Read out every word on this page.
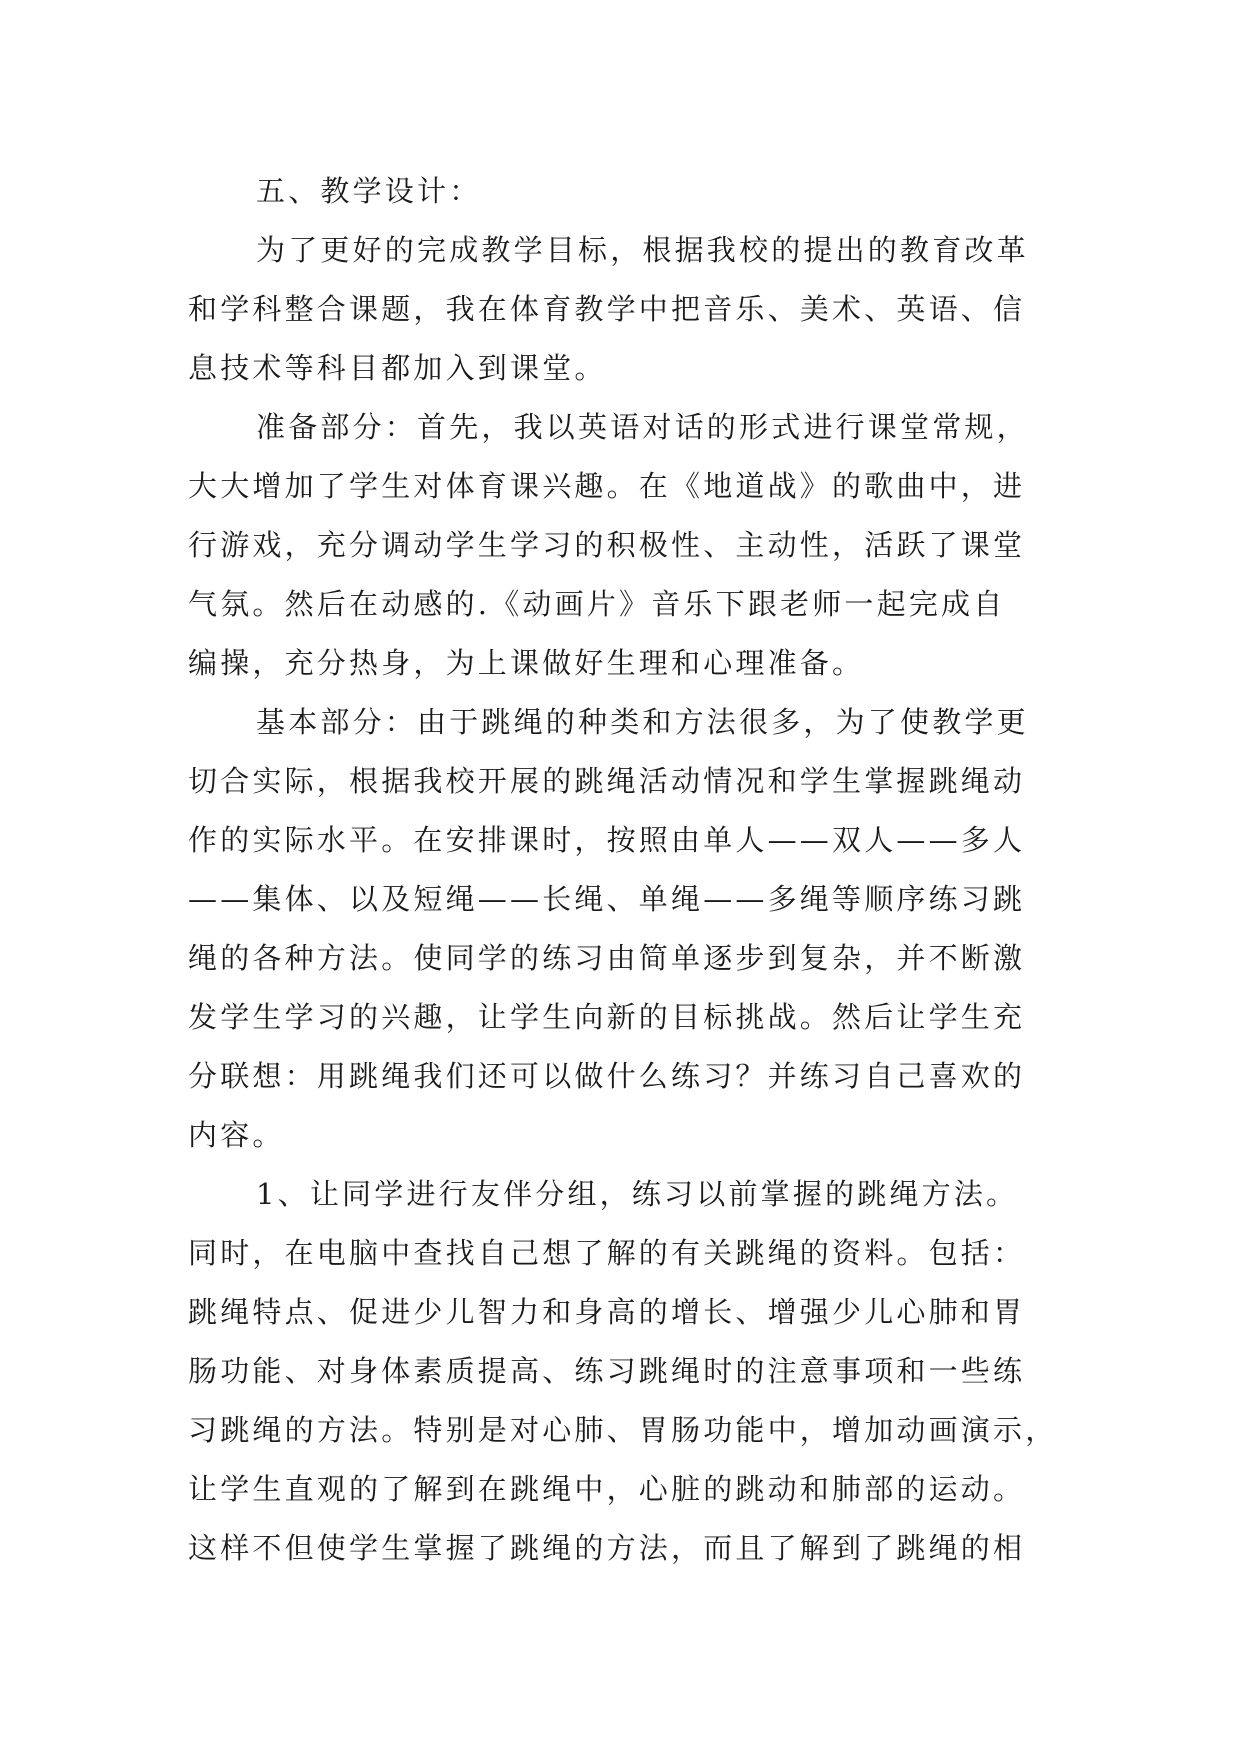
五、教学设计：
为了更好的完成教学目标，根据我校的提出的教育改革
和学科整合课题，我在体育教学中把音乐、美术、英语、信
息技术等科目都加入到课堂。
准备部分：首先，我以英语对话的形式进行课堂常规，
大大增加了学生对体育课兴趣。在《地道战》的歌曲中，进
行游戏，充分调动学生学习的积极性、主动性，活跃了课堂
气氛。然后在动感的.《动画片》音乐下跟老师一起完成自
编操，充分热身，为上课做好生理和心理准备。
基本部分：由于跳绳的种类和方法很多，为了使教学更
切合实际，根据我校开展的跳绳活动情况和学生掌握跳绳动
作的实际水平。在安排课时，按照由单人——双人——多人
——集体、以及短绳——长绳、单绳——多绳等顺序练习跳
绳的各种方法。使同学的练习由简单逐步到复杂，并不断激
发学生学习的兴趣，让学生向新的目标挑战。然后让学生充
分联想：用跳绳我们还可以做什么练习？并练习自己喜欢的
内容。
1、让同学进行友伴分组，练习以前掌握的跳绳方法。
同时，在电脑中查找自己想了解的有关跳绳的资料。包括：
跳绳特点、促进少儿智力和身高的增长、增强少儿心肺和胃
肠功能、对身体素质提高、练习跳绳时的注意事项和一些练
习跳绳的方法。特别是对心肺、胃肠功能中，增加动画演示，
让学生直观的了解到在跳绳中，心脏的跳动和肺部的运动。
这样不但使学生掌握了跳绳的方法，而且了解到了跳绳的相
